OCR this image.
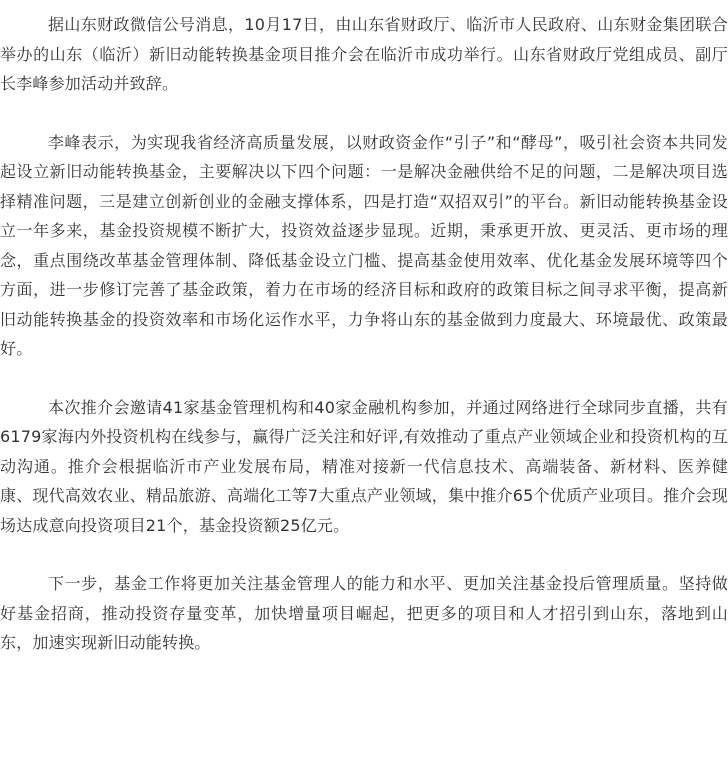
据山东财政微信公号消息，10月17日，由山东省财政厅、临沂市人民政府、山东财金集团联合举办的山东（临沂）新旧动能转换基金项目推介会在临沂市成功举行。山东省财政厅党组成员、副厅长李峰参加活动并致辞。

李峰表示，为实现我省经济高质量发展，以财政资金作“引子”和“酵母”，吸引社会资本共同发起设立新旧动能转换基金，主要解决以下四个问题：一是解决金融供给不足的问题，二是解决项目选择精准问题，三是建立创新创业的金融支撑体系，四是打造“双招双引”的平台。新旧动能转换基金设立一年多来，基金投资规模不断扩大，投资效益逐步显现。近期，秉承更开放、更灵活、更市场的理念，重点围绕改革基金管理体制、降低基金设立门槛、提高基金使用效率、优化基金发展环境等四个方面，进一步修订完善了基金政策，着力在市场的经济目标和政府的政策目标之间寻求平衡，提高新旧动能转换基金的投资效率和市场化运作水平，力争将山东的基金做到力度最大、环境最优、政策最好。

本次推介会邀请41家基金管理机构和40家金融机构参加，并通过网络进行全球同步直播，共有6179家海内外投资机构在线参与，赢得广泛关注和好评,有效推动了重点产业领域企业和投资机构的互动沟通。推介会根据临沂市产业发展布局，精准对接新一代信息技术、高端装备、新材料、医养健康、现代高效农业、精品旅游、高端化工等7大重点产业领域，集中推介65个优质产业项目。推介会现场达成意向投资项目21个，基金投资额25亿元。

下一步，基金工作将更加关注基金管理人的能力和水平、更加关注基金投后管理质量。坚持做好基金招商，推动投资存量变革，加快增量项目崛起，把更多的项目和人才招引到山东，落地到山东，加速实现新旧动能转换。
